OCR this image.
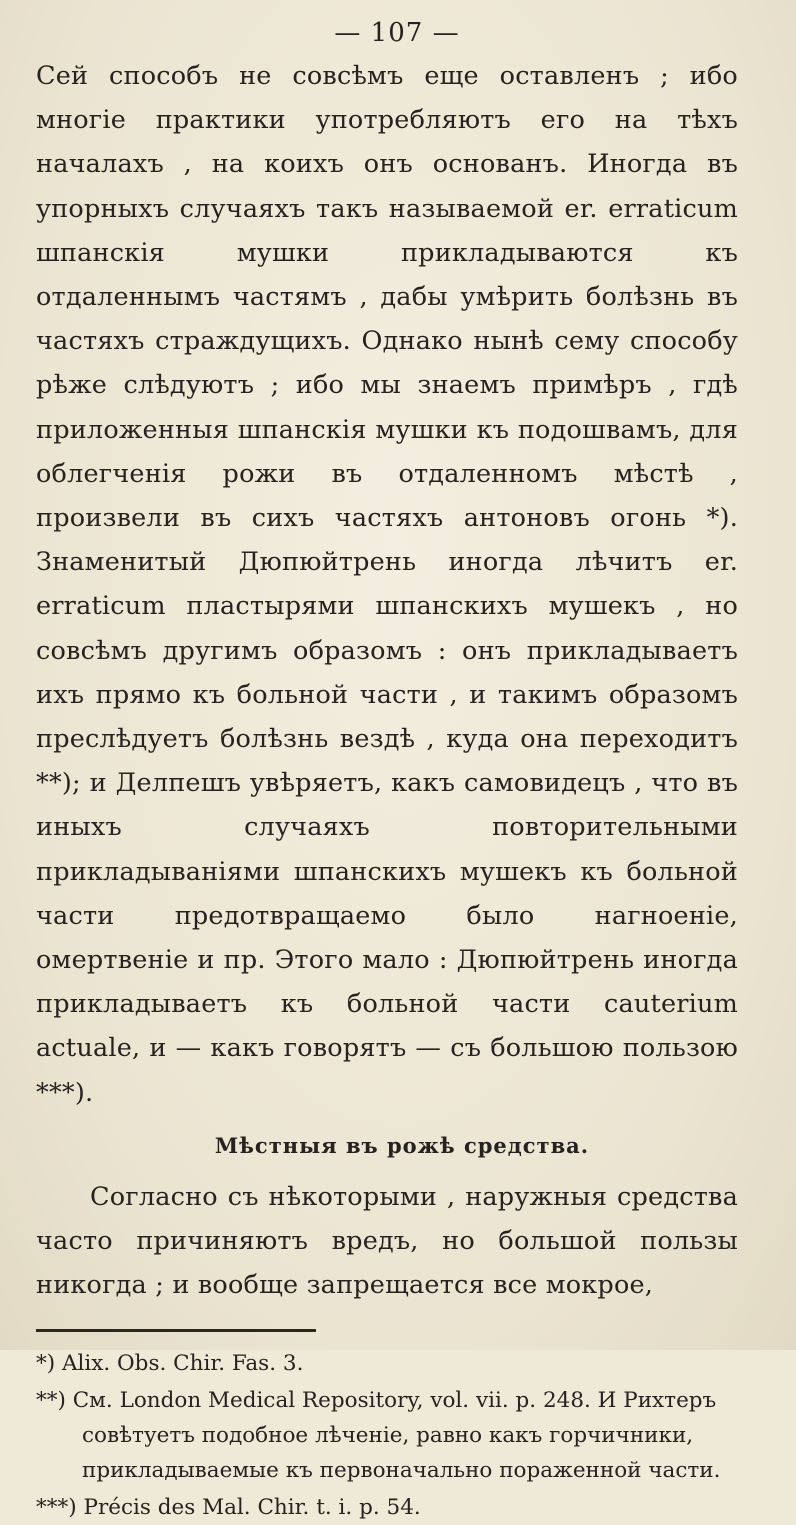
— 107 —

Сей способъ не совсѣмъ еще оставленъ ; ибо многіе практики употребляютъ его на тѣхъ началахъ , на коихъ онъ основанъ. Иногда въ упорныхъ случаяхъ такъ называемой er. erraticum шпанскія мушки прикладываются къ отдаленнымъ частямъ , дабы умѣрить болѣзнь въ частяхъ страждущихъ. Однако нынѣ сему способу рѣже слѣдуютъ ; ибо мы знаемъ примѣръ , гдѣ приложенныя шпанскія мушки къ подошвамъ, для облегченія рожи въ отдаленномъ мѣстѣ , произвели въ сихъ частяхъ антоновъ огонь *). Знаменитый Дюпюйтрень иногда лѣчитъ er. erraticum пластырями шпанскихъ мушекъ , но совсѣмъ другимъ образомъ : онъ прикладываетъ ихъ прямо къ больной части , и такимъ образомъ преслѣдуетъ болѣзнь вездѣ , куда она переходитъ **); и Делпешъ увѣряетъ, какъ самовидецъ , что въ иныхъ случаяхъ повторительными прикладываніями шпанскихъ мушекъ къ больной части предотвращаемо было нагноеніе, омертвеніе и пр. Этого мало : Дюпюйтрень иногда прикладываетъ къ больной части cauterium actuale, и — какъ говорятъ — съ большою пользою ***).

Мѣстныя въ рожѣ средства.

Согласно съ нѣкоторыми , наружныя средства часто причиняютъ вредъ, но большой пользы никогда ; и вообще запрещается все мокрое,

*) Alix. Obs. Chir. Fas. 3.

**) См. London Medical Repository, vol. vii. p. 248. И Рихтеръ совѣтуетъ подобное лѣченіе, равно какъ горчичники, прикладываемые къ первоначально пораженной части.

***) Précis des Mal. Chir. t. i. p. 54.
